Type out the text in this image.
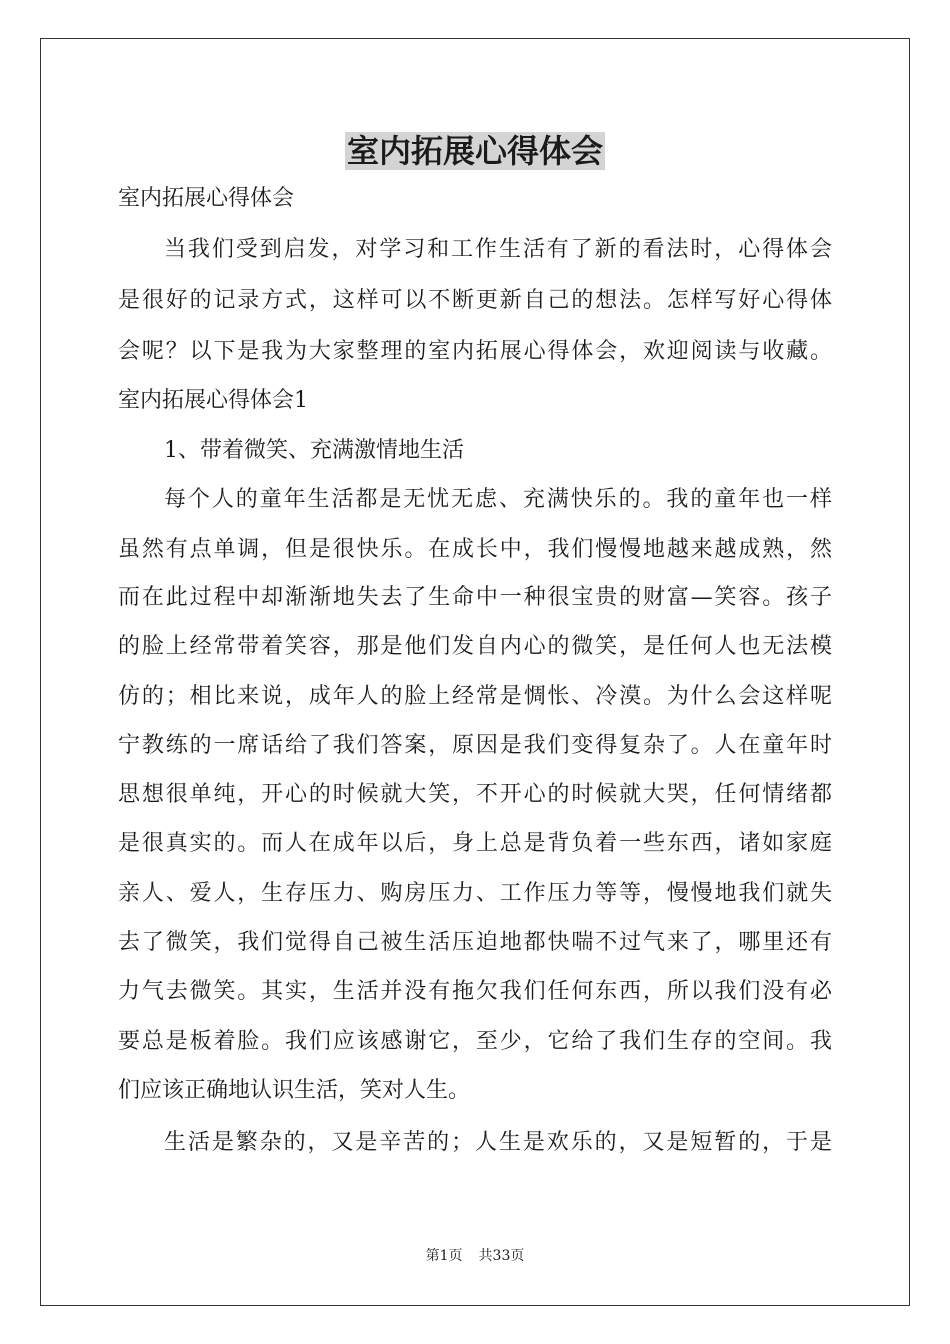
室内拓展心得体会
室内拓展心得体会
当我们受到启发，对学习和工作生活有了新的看法时，心得体会
是很好的记录方式，这样可以不断更新自己的想法。怎样写好心得体
会呢？以下是我为大家整理的室内拓展心得体会，欢迎阅读与收藏。
室内拓展心得体会1
1、带着微笑、充满激情地生活
每个人的童年生活都是无忧无虑、充满快乐的。我的童年也一样
虽然有点单调，但是很快乐。在成长中，我们慢慢地越来越成熟，然
而在此过程中却渐渐地失去了生命中一种很宝贵的财富—笑容。孩子
的脸上经常带着笑容，那是他们发自内心的微笑，是任何人也无法模
仿的；相比来说，成年人的脸上经常是惆怅、冷漠。为什么会这样呢
宁教练的一席话给了我们答案，原因是我们变得复杂了。人在童年时
思想很单纯，开心的时候就大笑，不开心的时候就大哭，任何情绪都
是很真实的。而人在成年以后，身上总是背负着一些东西，诸如家庭
亲人、爱人，生存压力、购房压力、工作压力等等，慢慢地我们就失
去了微笑，我们觉得自己被生活压迫地都快喘不过气来了，哪里还有
力气去微笑。其实，生活并没有拖欠我们任何东西，所以我们没有必
要总是板着脸。我们应该感谢它，至少，它给了我们生存的空间。我
们应该正确地认识生活，笑对人生。
生活是繁杂的，又是辛苦的；人生是欢乐的，又是短暂的，于是
第1页 共33页
